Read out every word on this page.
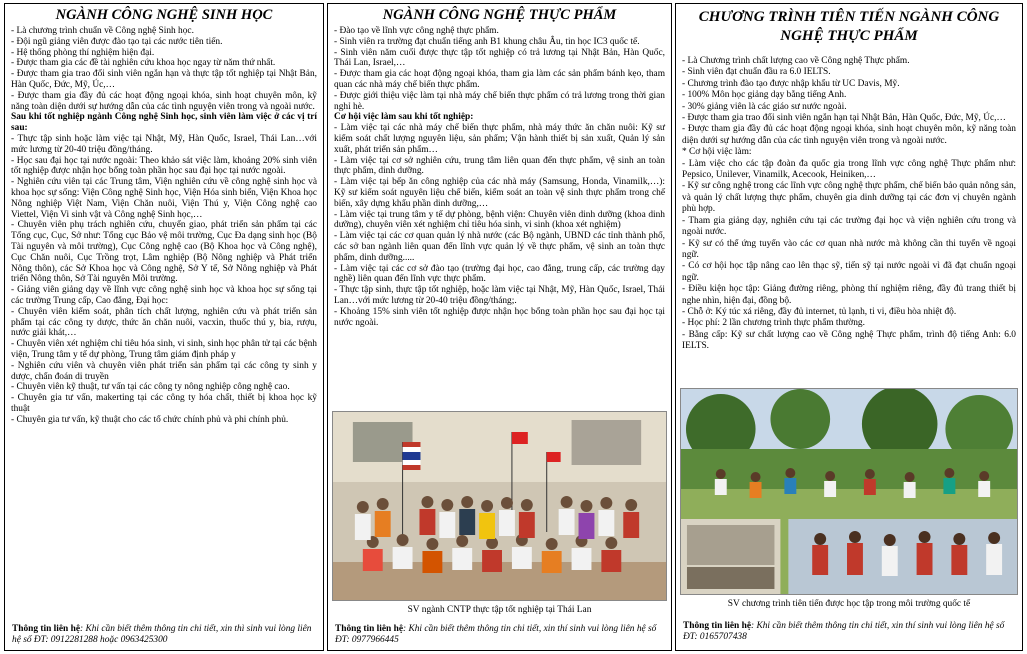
NGÀNH CÔNG NGHỆ SINH HỌC

- Là chương trình chuẩn về Công nghệ Sinh học.

- Đội ngũ giảng viên được đào tạo tại các nước tiên tiến.

- Hệ thống phòng thí nghiệm hiện đại.

- Được tham gia các đề tài nghiên cứu khoa học ngay từ năm thứ nhất.

- Được tham gia trao đổi sinh viên ngắn hạn và thực tập tốt nghiệp tại Nhật Bản, Hàn Quốc, Đức, Mỹ, Úc,…

- Được tham gia đầy đủ các hoạt động ngoại khóa, sinh hoạt chuyên môn, kỹ năng toàn diện dưới sự hướng dẫn của các tình nguyện viên trong và ngoài nước.

Sau khi tốt nghiệp ngành Công nghệ Sinh học, sinh viên làm việc ở các vị trí sau:

- Thực tập sinh hoặc làm việc tại Nhật, Mỹ, Hàn Quốc, Israel, Thái Lan…với mức lương từ 20-40 triệu đồng/tháng.

- Học sau đại học tại nước ngoài: Theo khảo sát việc làm, khoảng 20% sinh viên tốt nghiệp được nhận học bổng toàn phần học sau đại học tại nước ngoài.

- Nghiên cứu viên tại các Trung tâm, Viện nghiên cứu về công nghệ sinh học và khoa học sự sống: Viện Công nghệ Sinh học, Viện Hóa sinh biển, Viện Khoa học Nông nghiệp Việt Nam, Viện Chăn nuôi, Viện Thú y, Viện Công nghệ cao Viettel, Viện Vi sinh vật và Công nghệ Sinh học,…

- Chuyên viên phụ trách nghiên cứu, chuyển giao, phát triển sản phẩm tại các Tổng cục, Cục, Sở như: Tổng cục Bảo vệ môi trường, Cục Đa dạng sinh học (Bộ Tài nguyên và môi trường), Cục Công nghệ cao (Bộ Khoa học và Công nghệ), Cục Chăn nuôi, Cục Trồng trọt, Lâm nghiệp (Bộ Nông nghiệp và Phát triển Nông thôn), các Sở Khoa học và Công nghệ, Sở Y tế, Sở Nông nghiệp và Phát triển Nông thôn, Sở Tài nguyên Môi trường.

- Giảng viên giảng dạy về lĩnh vực công nghệ sinh học và khoa học sự sống tại các trường Trung cấp, Cao đẳng, Đại học:

- Chuyên viên kiểm soát, phân tích chất lượng, nghiên cứu và phát triển sản phẩm tại các công ty dược, thức ăn chăn nuôi, vacxin, thuốc thú y, bia, rượu, nước giải khát,…

- Chuyên viên xét nghiệm chỉ tiêu hóa sinh, vi sinh, sinh học phân tử tại các bệnh viện, Trung tâm y tế dự phòng, Trung tâm giám định pháp y

- Nghiên cứu viên và chuyên viên phát triển sản phẩm tại các công ty sinh y dược, chẩn đoán di truyền

- Chuyên viên kỹ thuật, tư vấn tại các công ty nông nghiệp công nghệ cao.

- Chuyên gia tư vấn, makerting tại các công ty hóa chất, thiết bị khoa học kỹ thuật

- Chuyên gia tư vấn, kỹ thuật cho các tổ chức chính phủ và phi chính phủ.

Thông tin liên hệ: Khi cần biết thêm thông tin chi tiết, xin thì sinh vui lòng liên hệ số ĐT: 0912281288 hoặc 0963425300
NGÀNH CÔNG NGHỆ THỰC PHẨM

- Đào tạo về lĩnh vực công nghệ thực phẩm.

- Sinh viên ra trường đạt chuẩn tiếng anh B1 khung châu Âu, tin học IC3 quốc tế.

- Sinh viên năm cuối được thực tập tốt nghiệp có trả lương tại Nhật Bản, Hàn Quốc, Thái Lan, Israel,…

- Được tham gia các hoạt động ngoại khóa, tham gia làm các sản phẩm bánh kẹo, tham quan các nhà máy chế biến thực phẩm.

- Được giới thiệu việc làm tại nhà máy chế biến thực phẩm có trả lương trong thời gian nghỉ hè.

Cơ hội việc làm sau khi tốt nghiệp:

- Làm việc tại các nhà máy chế biến thực phẩm, nhà máy thức ăn chăn nuôi: Kỹ sư kiểm soát chất lượng nguyên liệu, sản phẩm; Vận hành thiết bị sản xuất, Quản lý sản xuất, phát triển sản phẩm…

- Làm việc tại cơ sở nghiên cứu, trung tâm liên quan đến thực phẩm, vệ sinh an toàn thực phẩm, dinh dưỡng.

- Làm việc tại bếp ăn công nghiệp của các nhà máy (Samsung, Honda, Vinamilk,…): Kỹ sư kiểm soát nguyên liệu chế biến, kiểm soát an toàn vệ sinh thực phẩm trong chế biến, xây dựng khẩu phần dinh dưỡng,…

- Làm việc tại trung tâm y tế dự phòng, bệnh viện: Chuyên viên dinh dưỡng (khoa dinh dưỡng), chuyên viên xét nghiệm chỉ tiêu hóa sinh, vi sinh (khoa xét nghiệm)

- Làm việc tại các cơ quan quản lý nhà nước (các Bộ ngành, UBND các tỉnh thành phố, các sở ban ngành liên quan đến lĩnh vực quản lý về thực phẩm, vệ sinh an toàn thực phẩm, dinh dưỡng.....

- Làm việc tại các cơ sở đào tạo (trường đại học, cao đẳng, trung cấp, các trường dạy nghề) liên quan đến lĩnh vực thực phẩm.

- Thực tập sinh, thực tập tốt nghiệp, hoặc làm việc tại Nhật, Mỹ, Hàn Quốc, Israel, Thái Lan…với mức lương từ 20-40 triệu đồng/tháng;.

- Khoảng 15% sinh viên tốt nghiệp được nhận học bổng toàn phần học sau đại học tại nước ngoài.

SV ngành CNTP thực tập tốt nghiệp tại Thái Lan
Thông tin liên hệ: Khi cần biết thêm thông tin chi tiết, xin thí sinh vui lòng liên hệ số ĐT: 0977966445
CHƯƠNG TRÌNH TIÊN TIẾN NGÀNH CÔNG NGHỆ THỰC PHẨM

- Là Chương trình chất lượng cao về Công nghệ Thực phẩm.

- Sinh viên đạt chuẩn đầu ra 6.0 IELTS.

- Chương trình đào tạo được nhập khẩu từ UC Davis, Mỹ.

- 100% Môn học giảng dạy bằng tiếng Anh.

- 30% giảng viên là các giáo sư nước ngoài.

- Được tham gia trao đổi sinh viên ngắn hạn tại Nhật Bản, Hàn Quốc, Đức, Mỹ, Úc,…

- Được tham gia đầy đủ các hoạt động ngoại khóa, sinh hoạt chuyên môn, kỹ năng toàn diện dưới sự hướng dẫn của các tình nguyện viên trong và ngoài nước.

* Cơ hội việc làm:

- Làm việc cho các tập đoàn đa quốc gia trong lĩnh vực công nghệ Thực phẩm như: Pepsico, Unilever, Vinamilk, Acecook, Heiniken,…

- Kỹ sư công nghệ trong các lĩnh vực công nghệ thực phẩm, chế biến bảo quản nông sản, và quản lý chất lượng thực phẩm, chuyên gia dinh dưỡng tại các đơn vị chuyên ngành phù hợp.

- Tham gia giảng dạy, nghiên cứu tại các trường đại học và viện nghiên cứu trong và ngoài nước.

- Kỹ sư có thể ứng tuyển vào các cơ quan nhà nước mà không cần thi tuyển về ngoại ngữ.

- Có cơ hội học tập nâng cao lên thạc sỹ, tiến sỹ tại nước ngoài vì đã đạt chuẩn ngoại ngữ.

- Điều kiện học tập: Giảng đường riêng, phòng thí nghiệm riêng, đầy đủ trang thiết bị nghe nhìn, hiện đại, đồng bộ.

- Chỗ ở: Ký túc xá riêng, đầy đủ internet, tủ lạnh, ti vi, điều hòa nhiệt độ.

- Học phí: 2 lần chương trình thực phẩm thường.

- Bằng cấp: Kỹ sư chất lượng cao về Công nghệ Thực phẩm, trình độ tiếng Anh: 6.0 IELTS.

SV chương trình tiên tiến được học tập trong môi trường quốc tế
Thông tin liên hệ: Khi cần biết thêm thông tin chi tiết, xin thí sinh vui lòng liên hệ số ĐT: 0165707438
